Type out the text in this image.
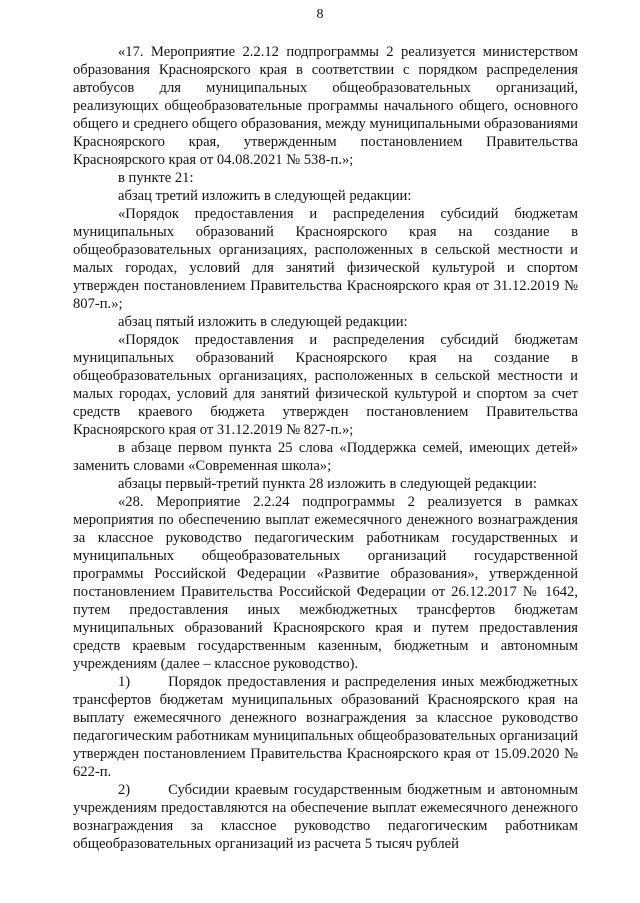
8

«17. Мероприятие 2.2.12 подпрограммы 2 реализуется министерством образования Красноярского края в соответствии с порядком распределения автобусов для муниципальных общеобразовательных организаций, реализующих общеобразовательные программы начального общего, основного общего и среднего общего образования, между муниципальными образованиями Красноярского края, утвержденным постановлением Правительства Красноярского края от 04.08.2021 № 538-п.»;

в пункте 21:

абзац третий изложить в следующей редакции:

«Порядок предоставления и распределения субсидий бюджетам муниципальных образований Красноярского края на создание в общеобразовательных организациях, расположенных в сельской местности и малых городах, условий для занятий физической культурой и спортом утвержден постановлением Правительства Красноярского края от 31.12.2019 № 807-п.»;

абзац пятый изложить в следующей редакции:

«Порядок предоставления и распределения субсидий бюджетам муниципальных образований Красноярского края на создание в общеобразовательных организациях, расположенных в сельской местности и малых городах, условий для занятий физической культурой и спортом за счет средств краевого бюджета утвержден постановлением Правительства Красноярского края от 31.12.2019 № 827-п.»;

в абзаце первом пункта 25 слова «Поддержка семей, имеющих детей» заменить словами «Современная школа»;

абзацы первый-третий пункта 28 изложить в следующей редакции:

«28. Мероприятие 2.2.24 подпрограммы 2 реализуется в рамках мероприятия по обеспечению выплат ежемесячного денежного вознаграждения за классное руководство педагогическим работникам государственных и муниципальных общеобразовательных организаций государственной программы Российской Федерации «Развитие образования», утвержденной постановлением Правительства Российской Федерации от 26.12.2017 № 1642, путем предоставления иных межбюджетных трансфертов бюджетам муниципальных образований Красноярского края и путем предоставления средств краевым государственным казенным, бюджетным и автономным учреждениям (далее – классное руководство).

1)	Порядок предоставления и распределения иных межбюджетных трансфертов бюджетам муниципальных образований Красноярского края на выплату ежемесячного денежного вознаграждения за классное руководство педагогическим работникам муниципальных общеобразовательных организаций утвержден постановлением Правительства Красноярского края от 15.09.2020 № 622-п.

2)	Субсидии краевым государственным бюджетным и автономным учреждениям предоставляются на обеспечение выплат ежемесячного денежного вознаграждения за классное руководство педагогическим работникам общеобразовательных организаций из расчета 5 тысяч рублей
